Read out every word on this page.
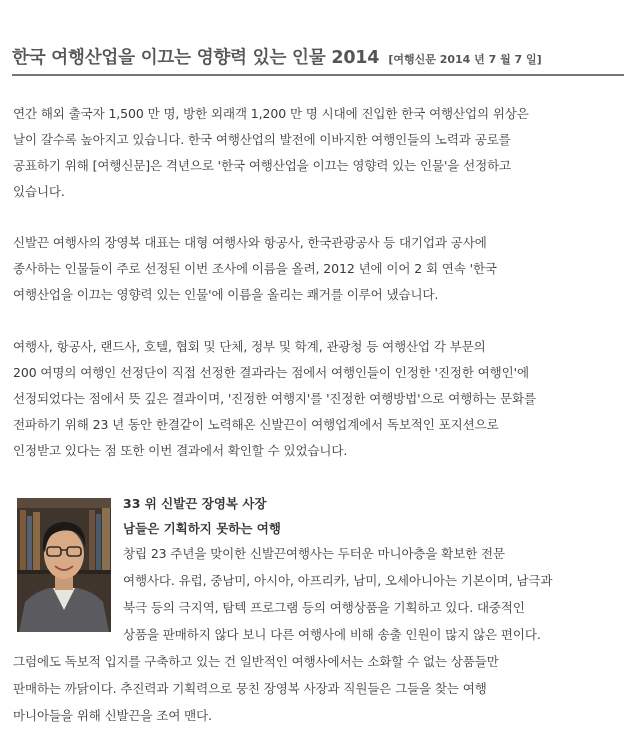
한국 여행산업을 이끄는 영향력 있는 인물 2014 [여행신문 2014 년 7 월 7 일]
연간 해외 출국자 1,500 만 명, 방한 외래객 1,200 만 명 시대에 진입한 한국 여행산업의 위상은
날이 갈수록 높아지고 있습니다. 한국 여행산업의 발전에 이바지한 여행인들의 노력과 공로를
공표하기 위해 [여행신문]은 격년으로 '한국 여행산업을 이끄는 영향력 있는 인물'을 선정하고
있습니다.
신발끈 여행사의 장영복 대표는 대형 여행사와 항공사, 한국관광공사 등 대기업과 공사에
종사하는 인물들이 주로 선정된 이번 조사에 이름을 올려, 2012 년에 이어 2 회 연속 '한국
여행산업을 이끄는 영향력 있는 인물'에 이름을 올리는 쾌거를 이루어 냈습니다.
여행사, 항공사, 랜드사, 호텔, 협회 및 단체, 정부 및 학계, 관광청 등 여행산업 각 부문의
200 여명의 여행인 선정단이 직접 선정한 결과라는 점에서 여행인들이 인정한 '진정한 여행인'에
선정되었다는 점에서 뜻 깊은 결과이며, '진정한 여행지'를 '진정한 여행방법'으로 여행하는 문화를
전파하기 위해 23 년 동안 한결같이 노력해온 신발끈이 여행업계에서 독보적인 포지션으로
인정받고 있다는 점 또한 이번 결과에서 확인할 수 있었습니다.
33 위 신발끈 장영복 사장
남들은 기획하지 못하는 여행
창립 23 주년을 맞이한 신발끈여행사는 두터운 마니아층을 확보한 전문
여행사다. 유럽, 중남미, 아시아, 아프리카, 남미, 오세아니아는 기본이며, 남극과
북극 등의 극지역, 탐텍 프로그램 등의 여행상품을 기획하고 있다. 대중적인
상품을 판매하지 않다 보니 다른 여행사에 비해 송출 인원이 많지 않은 편이다.
그럼에도 독보적 입지를 구축하고 있는 건 일반적인 여행사에서는 소화할 수 없는 상품들만
판매하는 까닭이다. 추진력과 기획력으로 뭉친 장영복 사장과 직원들은 그들을 찾는 여행
마니아들을 위해 신발끈을 조여 맨다.
